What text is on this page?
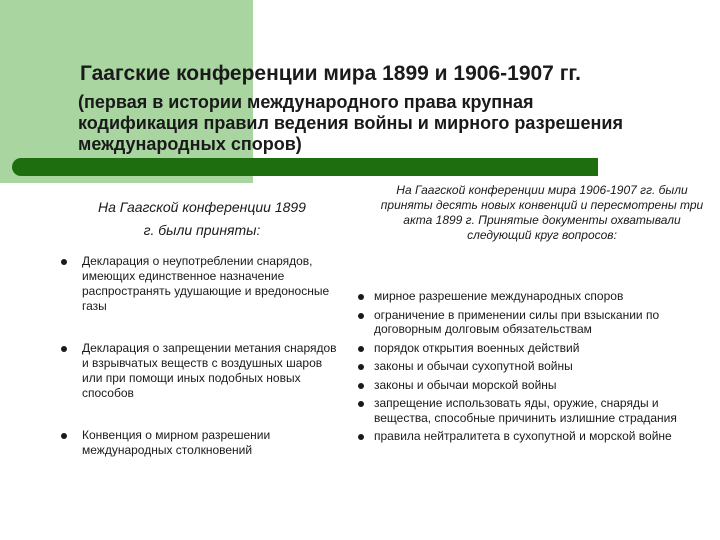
Гаагские конференции мира 1899 и 1906-1907 гг.
(первая в истории международного права крупная кодификация правил ведения войны и мирного разрешения международных споров)
На Гаагской конференции 1899 г. были приняты:
Декларация о неупотреблении снарядов, имеющих единственное назначение распространять удушающие и вредоносные газы
Декларация о запрещении метания снарядов и взрывчатых веществ с воздушных шаров или при помощи иных подобных новых способов
Конвенция о мирном разрешении международных столкновений
На Гаагской конференции мира 1906-1907 гг. были приняты десять новых конвенций и пересмотрены три акта 1899 г. Принятые документы охватывали следующий круг вопросов:
мирное разрешение международных споров
ограничение в применении силы при взыскании по договорным долговым обязательствам
порядок открытия военных действий
законы и обычаи сухопутной войны
законы и обычаи морской войны
запрещение использовать яды, оружие, снаряды и вещества, способные причинить излишние страдания
правила нейтралитета в сухопутной и морской войне
